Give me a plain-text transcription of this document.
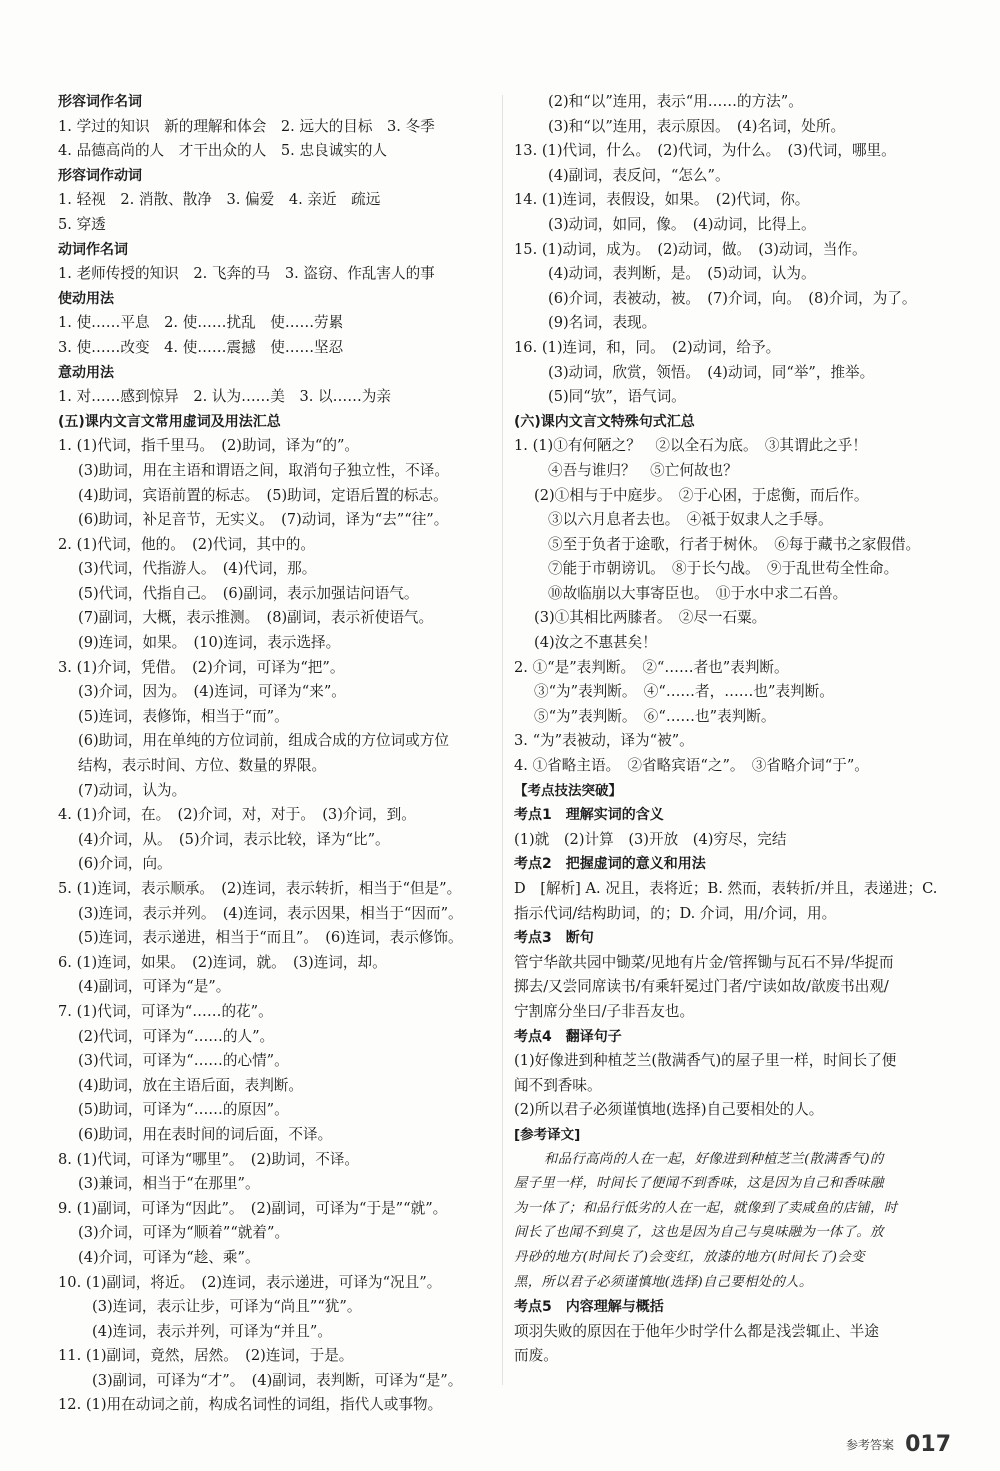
形容词作名词
1. 学过的知识　新的理解和体会　2. 远大的目标　3. 冬季
4. 品德高尚的人　才干出众的人　5. 忠良诚实的人
形容词作动词
1. 轻视　2. 消散、散净　3. 偏爱　4. 亲近　疏远
5. 穿透
动词作名词
1. 老师传授的知识　2. 飞奔的马　3. 盗窃、作乱害人的事
使动用法
1. 使……平息　2. 使……扰乱　使……劳累
3. 使……改变　4. 使……震撼　使……坚忍
意动用法
1. 对……感到惊异　2. 认为……美　3. 以……为亲
(五)课内文言文常用虚词及用法汇总
1. (1)代词，指千里马。　(2)助词，译为“的”。
(3)助词，用在主语和谓语之间，取消句子独立性，不译。
(4)助词，宾语前置的标志。　(5)助词，定语后置的标志。
(6)助词，补足音节，无实义。　(7)动词，译为“去”“往”。
2. (1)代词，他的。　(2)代词，其中的。
(3)代词，代指游人。　(4)代词，那。
(5)代词，代指自己。　(6)副词，表示加强诘问语气。
(7)副词，大概，表示推测。　(8)副词，表示祈使语气。
(9)连词，如果。　(10)连词，表示选择。
3. (1)介词，凭借。　(2)介词，可译为“把”。
(3)介词，因为。　(4)连词，可译为“来”。
(5)连词，表修饰，相当于“而”。
(6)助词，用在单纯的方位词前，组成合成的方位词或方位
结构，表示时间、方位、数量的界限。
(7)动词，认为。
4. (1)介词，在。　(2)介词，对，对于。　(3)介词，到。
(4)介词，从。　(5)介词，表示比较，译为“比”。
(6)介词，向。
5. (1)连词，表示顺承。　(2)连词，表示转折，相当于“但是”。
(3)连词，表示并列。　(4)连词，表示因果，相当于“因而”。
(5)连词，表示递进，相当于“而且”。　(6)连词，表示修饰。
6. (1)连词，如果。　(2)连词，就。　(3)连词，却。
(4)副词，可译为“是”。
7. (1)代词，可译为“……的花”。
(2)代词，可译为“……的人”。
(3)代词，可译为“……的心情”。
(4)助词，放在主语后面，表判断。
(5)助词，可译为“……的原因”。
(6)助词，用在表时间的词后面，不译。
8. (1)代词，可译为“哪里”。　(2)助词，不译。
(3)兼词，相当于“在那里”。
9. (1)副词，可译为“因此”。　(2)副词，可译为“于是”“就”。
(3)介词，可译为“顺着”“就着”。
(4)介词，可译为“趁、乘”。
10. (1)副词，将近。　(2)连词，表示递进，可译为“况且”。
(3)连词，表示让步，可译为“尚且”“犹”。
(4)连词，表示并列，可译为“并且”。
11. (1)副词，竟然，居然。　(2)连词，于是。
(3)副词，可译为“才”。　(4)副词，表判断，可译为“是”。
12. (1)用在动词之前，构成名词性的词组，指代人或事物。
(2)和“以”连用，表示“用……的方法”。
(3)和“以”连用，表示原因。　(4)名词，处所。
13. (1)代词，什么。　(2)代词，为什么。　(3)代词，哪里。
(4)副词，表反问，“怎么”。
14. (1)连词，表假设，如果。　(2)代词，你。
(3)动词，如同，像。　(4)动词，比得上。
15. (1)动词，成为。　(2)动词，做。　(3)动词，当作。
(4)动词，表判断，是。　(5)动词，认为。
(6)介词，表被动，被。　(7)介词，向。　(8)介词，为了。
(9)名词，表现。
16. (1)连词，和，同。　(2)动词，给予。
(3)动词，欣赏，领悟。　(4)动词，同“举”，推举。
(5)同“欤”，语气词。
(六)课内文言文特殊句式汇总
1. (1)①有何陋之？　②以全石为底。　③其谓此之乎！
④吾与谁归？　⑤亡何故也？
(2)①相与于中庭步。　②于心困，于虑衡，而后作。
③以六月息者去也。　④祗于奴隶人之手辱。
⑤至于负者于途歌，行者于树休。　⑥每于藏书之家假借。
⑦能于市朝谤讥。　⑧于长勺战。　⑨于乱世苟全性命。
⑩故临崩以大事寄臣也。　⑪于水中求二石兽。
(3)①其相比两膝者。　②尽一石粟。
(4)汝之不惠甚矣！
2. ①“是”表判断。　②“……者也”表判断。
③“为”表判断。　④“……者，……也”表判断。
⑤“为”表判断。　⑥“……也”表判断。
3. “为”表被动，译为“被”。
4. ①省略主语。　②省略宾语“之”。　③省略介词“于”。
【考点技法突破】
考点1　理解实词的含义
(1)就　(2)计算　(3)开放　(4)穷尽，完结
考点2　把握虚词的意义和用法
D　[解析] A. 况且，表将近；B. 然而，表转折/并且，表递进；C.
指示代词/结构助词，的；D. 介词，用/介词，用。
考点3　断句
管宁华歆共园中锄菜/见地有片金/管挥锄与瓦石不异/华捉而
掷去/又尝同席读书/有乘轩冕过门者/宁读如故/歆废书出观/
宁割席分坐曰/子非吾友也。
考点4　翻译句子
(1)好像进到种植芝兰(散满香气)的屋子里一样，时间长了便
闻不到香味。
(2)所以君子必须谨慎地(选择)自己要相处的人。
[参考译文]
和品行高尚的人在一起，好像进到种植芝兰(散满香气)的
屋子里一样，时间长了便闻不到香味，这是因为自己和香味融
为一体了；和品行低劣的人在一起，就像到了卖咸鱼的店铺，时
间长了也闻不到臭了，这也是因为自己与臭味融为一体了。放
丹砂的地方(时间长了)会变红，放漆的地方(时间长了)会变
黑，所以君子必须谨慎地(选择)自己要相处的人。
考点5　内容理解与概括
项羽失败的原因在于他年少时学什么都是浅尝辄止、半途
而废。
参考答案 017
